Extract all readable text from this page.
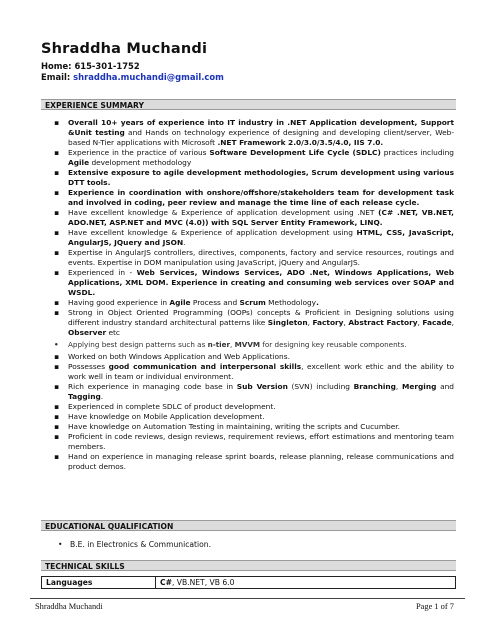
Shraddha Muchandi
Home: 615-301-1752
Email: shraddha.muchandi@gmail.com
EXPERIENCE SUMMARY
▪ Overall 10+ years of experience into IT industry in .NET Application development, Support &Unit testing and Hands on technology experience of designing and developing client/server, Web-based N-Tier applications with Microsoft .NET Framework 2.0/3.0/3.5/4.0, IIS 7.0.
▪ Experience in the practice of various Software Development Life Cycle (SDLC) practices including Agile development methodology
▪ Extensive exposure to agile development methodologies, Scrum development using various DTT tools.
▪ Experience in coordination with onshore/offshore/stakeholders team for development task and involved in coding, peer review and manage the time line of each release cycle.
▪ Have excellent knowledge & Experience of application development using .NET (C# .NET, VB.NET, ADO.NET, ASP.NET and MVC (4.0)) with SQL Server Entity Framework, LINQ.
▪ Have excellent knowledge & Experience of application development using HTML, CSS, JavaScript, AngularJS, JQuery and JSON.
▪ Expertise in AngularJS controllers, directives, components, factory and service resources, routings and events. Expertise in DOM manipulation using JavaScript, jQuery and AngularJS.
▪ Experienced in - Web Services, Windows Services, ADO .Net, Windows Applications, Web Applications, XML DOM. Experience in creating and consuming web services over SOAP and WSDL.
▪ Having good experience in Agile Process and Scrum Methodology.
▪ Strong in Object Oriented Programming (OOPs) concepts & Proficient in Designing solutions using different industry standard architectural patterns like Singleton, Factory, Abstract Factory, Facade, Observer etc
• Applying best design patterns such as n-tier, MVVM for designing key reusable components.
▪ Worked on both Windows Application and Web Applications.
▪ Possesses good communication and interpersonal skills, excellent work ethic and the ability to work well in team or individual environment.
▪ Rich experience in managing code base in Sub Version (SVN) including Branching, Merging and Tagging.
▪ Experienced in complete SDLC of product development.
▪ Have knowledge on Mobile Application development.
▪ Have knowledge on Automation Testing in maintaining, writing the scripts and Cucumber.
▪ Proficient in code reviews, design reviews, requirement reviews, effort estimations and mentoring team members.
▪ Hand on experience in managing release sprint boards, release planning, release communications and product demos.
EDUCATIONAL QUALIFICATION
• B.E. in Electronics & Communication.
TECHNICAL SKILLS
Languages	C#, VB.NET, VB 6.0
Shraddha Muchandi	Page 1 of 7
